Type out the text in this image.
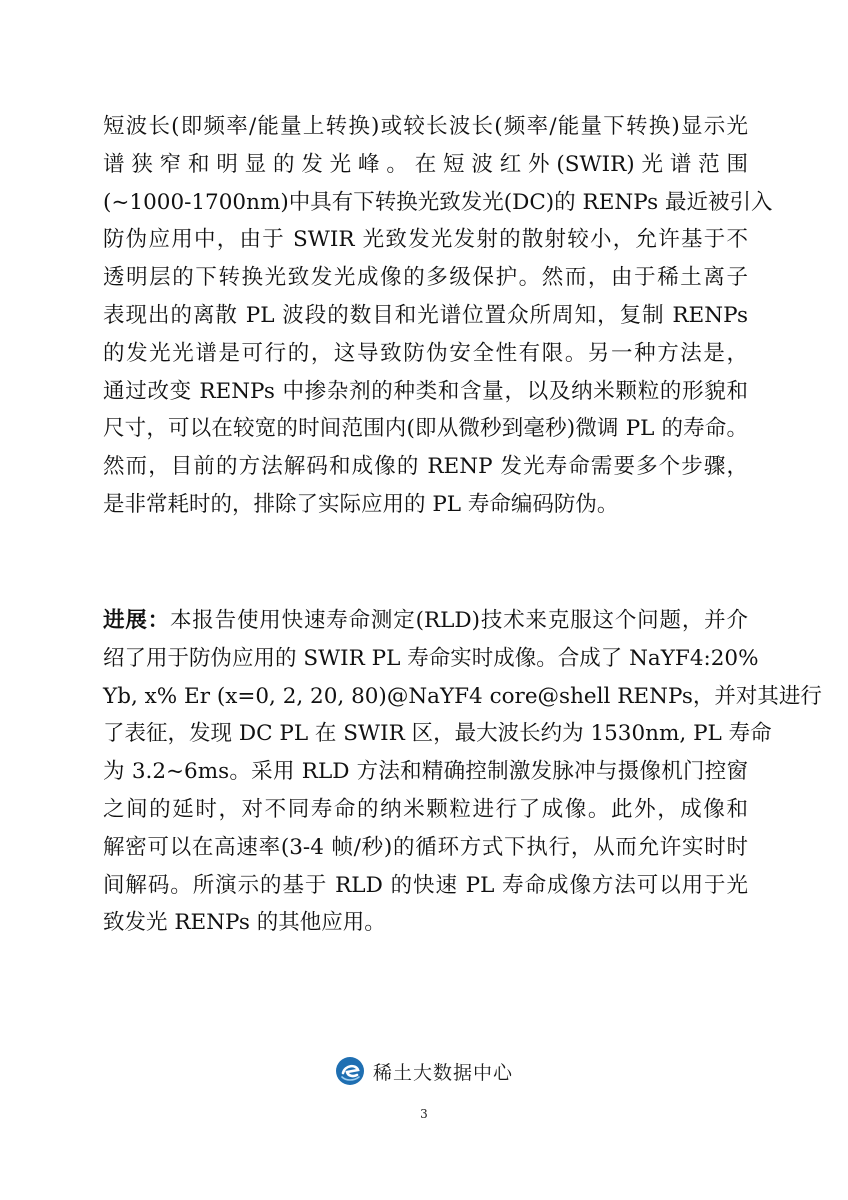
短波长(即频率/能量上转换)或较长波长(频率/能量下转换)显示光
谱狭窄和明显的发光峰。在短波红外(SWIR)光谱范围
(~1000-1700nm)中具有下转换光致发光(DC)的 RENPs 最近被引入
防伪应用中，由于 SWIR 光致发光发射的散射较小，允许基于不
透明层的下转换光致发光成像的多级保护。然而，由于稀土离子
表现出的离散 PL 波段的数目和光谱位置众所周知，复制 RENPs
的发光光谱是可行的，这导致防伪安全性有限。另一种方法是，
通过改变 RENPs 中掺杂剂的种类和含量，以及纳米颗粒的形貌和
尺寸，可以在较宽的时间范围内(即从微秒到毫秒)微调 PL 的寿命。
然而，目前的方法解码和成像的 RENP 发光寿命需要多个步骤，
是非常耗时的，排除了实际应用的 PL 寿命编码防伪。
进展：本报告使用快速寿命测定(RLD)技术来克服这个问题，并介
绍了用于防伪应用的 SWIR PL 寿命实时成像。合成了 NaYF4:20%
Yb, x% Er (x=0, 2, 20, 80)@NaYF4 core@shell RENPs，并对其进行
了表征，发现 DC PL 在 SWIR 区，最大波长约为 1530nm, PL 寿命
为 3.2~6ms。采用 RLD 方法和精确控制激发脉冲与摄像机门控窗
之间的延时，对不同寿命的纳米颗粒进行了成像。此外，成像和
解密可以在高速率(3-4 帧/秒)的循环方式下执行，从而允许实时时
间解码。所演示的基于 RLD 的快速 PL 寿命成像方法可以用于光
致发光 RENPs 的其他应用。
稀土大数据中心
3
